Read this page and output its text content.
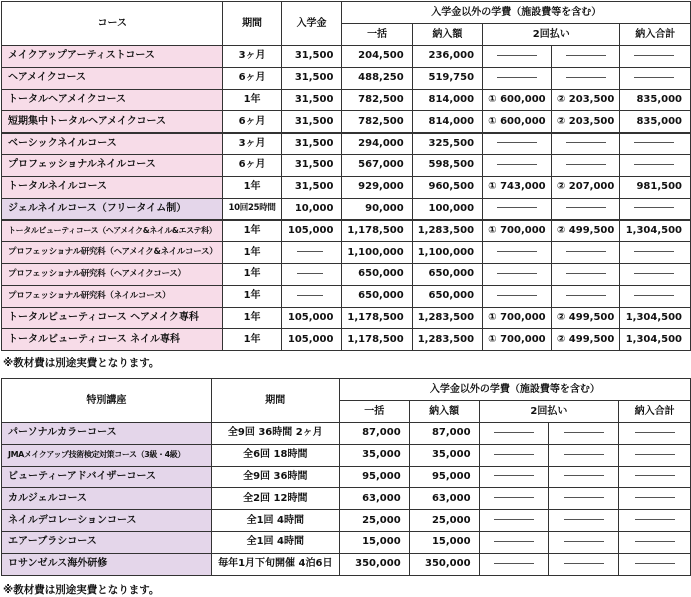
コース	期間	入学金	入学金以外の学費（施設費等を含む）				
			一括	納入額	2回払い		納入合計
メイクアップアーティストコース	3ヶ月	31,500	204,500	236,000			
ヘアメイクコース	6ヶ月	31,500	488,250	519,750			
トータルヘアメイクコース	1年	31,500	782,500	814,000	① 600,000	② 203,500	835,000
短期集中トータルヘアメイクコース	6ヶ月	31,500	782,500	814,000	① 600,000	② 203,500	835,000
ベーシックネイルコース	3ヶ月	31,500	294,000	325,500			
プロフェッショナルネイルコース	6ヶ月	31,500	567,000	598,500			
トータルネイルコース	1年	31,500	929,000	960,500	① 743,000	② 207,000	981,500
ジェルネイルコース（フリータイム制）	10回25時間	10,000	90,000	100,000			
トータルビューティコース（ヘアメイク&ネイル&エステ科）	1年	105,000	1,178,500	1,283,500	① 700,000	② 499,500	1,304,500
プロフェッショナル研究科（ヘアメイク&ネイルコース）	1年		1,100,000	1,100,000			
プロフェッショナル研究科（ヘアメイクコース）	1年		650,000	650,000			
プロフェッショナル研究科（ネイルコース）	1年		650,000	650,000			
トータルビューティコース ヘアメイク専科	1年	105,000	1,178,500	1,283,500	① 700,000	② 499,500	1,304,500
トータルビューティコース ネイル専科	1年	105,000	1,178,500	1,283,500	① 700,000	② 499,500	1,304,500
※教材費は別途実費となります。
特別講座	期間	入学金以外の学費（施設費等を含む）				
		一括	納入額	2回払い		納入合計
パーソナルカラーコース	全9回 36時間 2ヶ月	87,000	87,000			
JMAメイクアップ技術検定対策コース（3級・4級）	全6回 18時間	35,000	35,000			
ビューティーアドバイザーコース	全9回 36時間	95,000	95,000			
カルジェルコース	全2回 12時間	63,000	63,000			
ネイルデコレーションコース	全1回 4時間	25,000	25,000			
エアーブラシコース	全1回 4時間	15,000	15,000			
ロサンゼルス海外研修	毎年1月下旬開催 4泊6日	350,000	350,000			
※教材費は別途実費となります。
